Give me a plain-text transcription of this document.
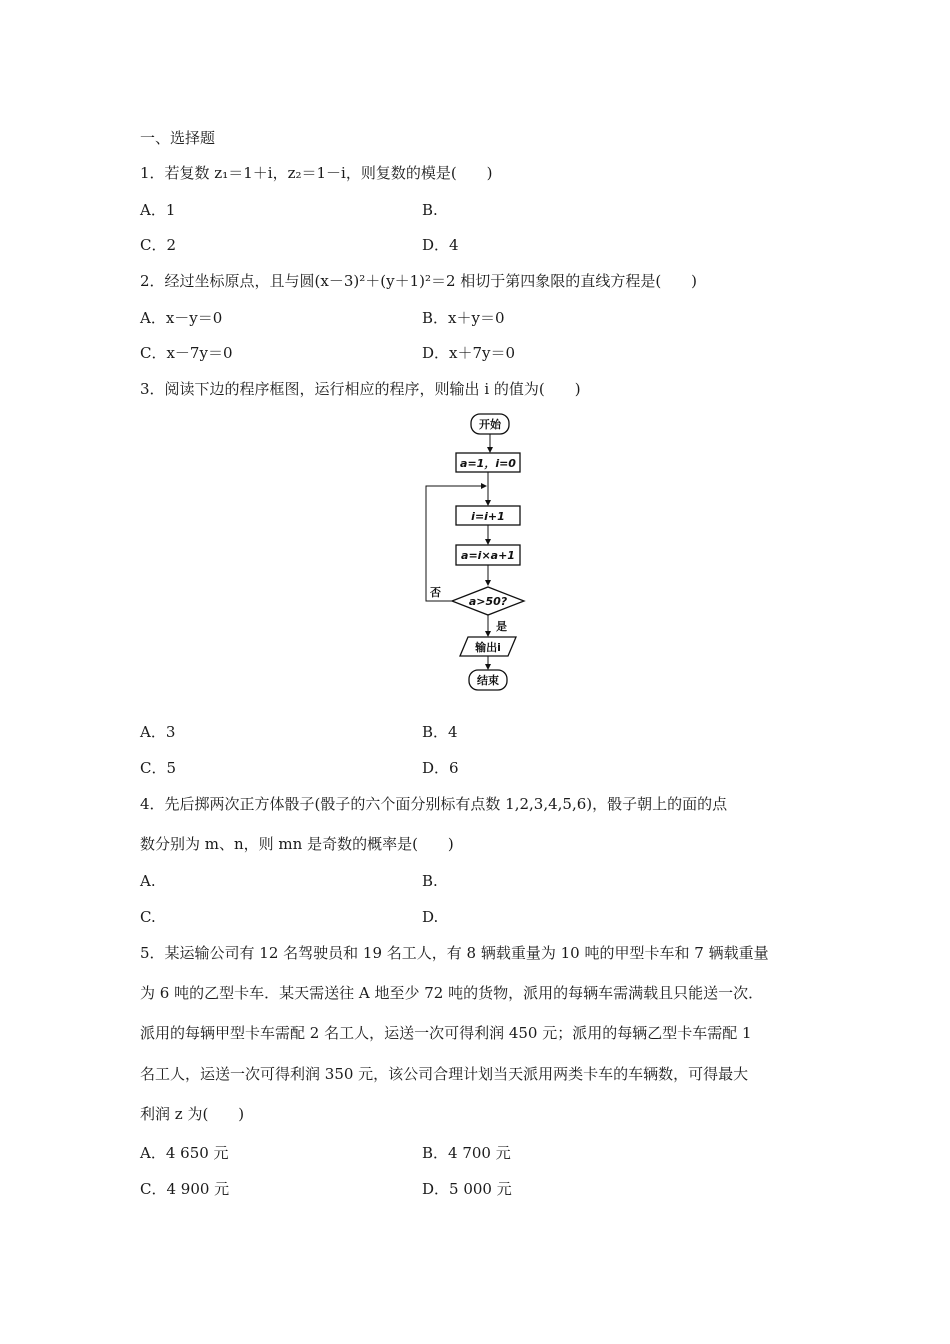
一、选择题
1．若复数 z₁＝1＋i，z₂＝1－i，则复数的模是(　　)
A．1	B.
C．2	D．4
2．经过坐标原点，且与圆(x－3)²＋(y＋1)²＝2 相切于第四象限的直线方程是(　　)
A．x－y＝0	B．x＋y＝0
C．x－7y＝0	D．x＋7y＝0
3．阅读下边的程序框图，运行相应的程序，则输出 i 的值为(　　)
开始
a=1，i=0
i=i+1
a=i×a+1
a>50?
否
是
输出i
结束
A．3	B．4
C．5	D．6
4．先后掷两次正方体骰子(骰子的六个面分别标有点数 1,2,3,4,5,6)，骰子朝上的面的点
数分别为 m、n，则 mn 是奇数的概率是(　　)
A.	B.
C.	D.
5．某运输公司有 12 名驾驶员和 19 名工人，有 8 辆载重量为 10 吨的甲型卡车和 7 辆载重量
为 6 吨的乙型卡车．某天需送往 A 地至少 72 吨的货物，派用的每辆车需满载且只能送一次．
派用的每辆甲型卡车需配 2 名工人，运送一次可得利润 450 元；派用的每辆乙型卡车需配 1
名工人，运送一次可得利润 350 元，该公司合理计划当天派用两类卡车的车辆数，可得最大
利润 z 为(　　)
A．4 650 元	B．4 700 元
C．4 900 元	D．5 000 元
